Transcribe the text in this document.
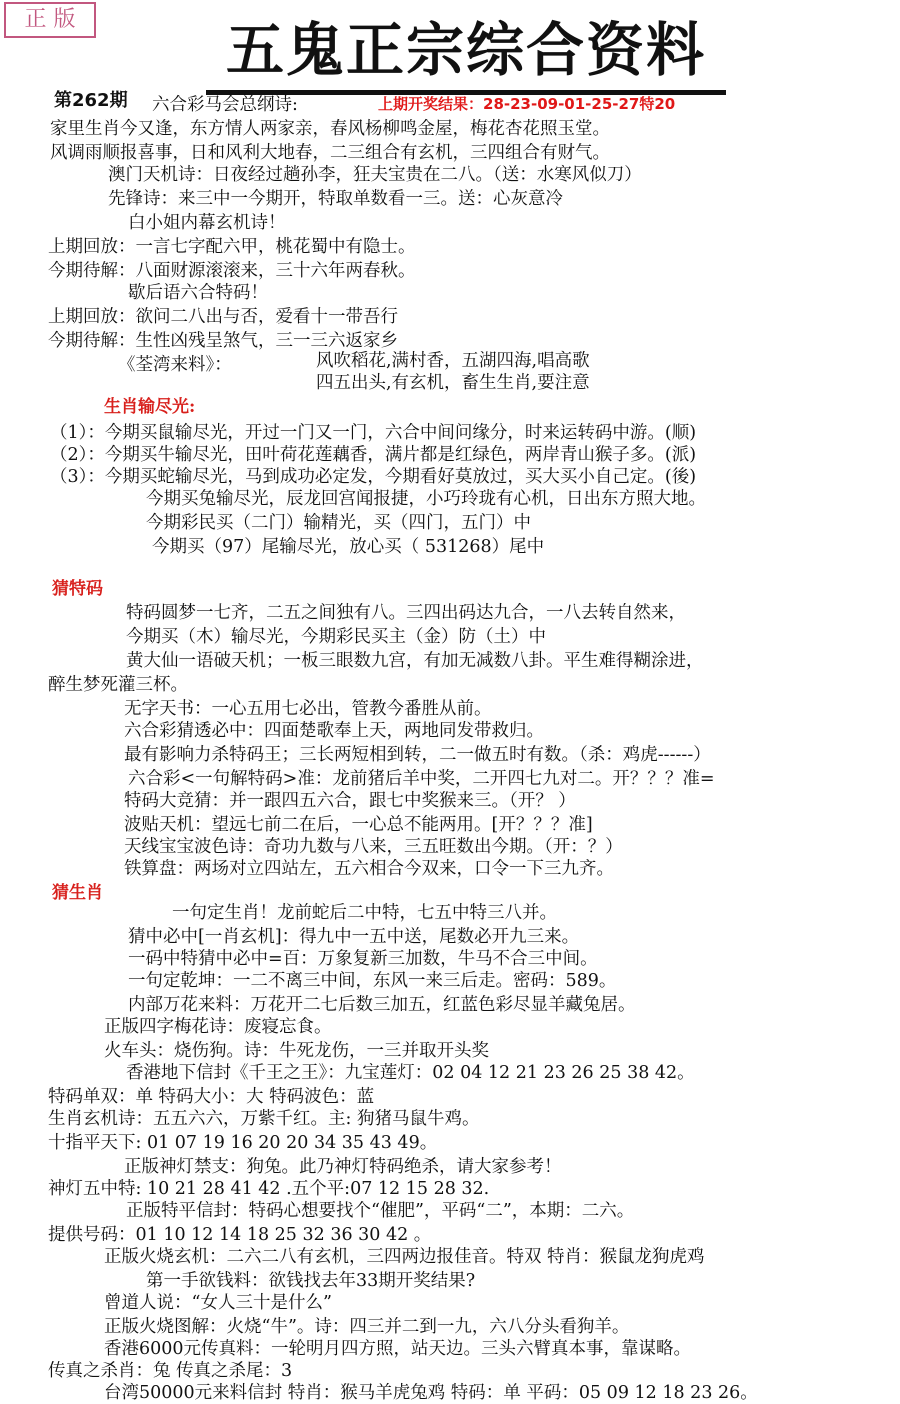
正 版	五鬼正宗综合资料
第262期	上期开奖结果：28-23-09-01-25-27特20
生肖输尽光:
猜特码
猜生肖
六合彩马会总纲诗:
家里生肖今又逢，东方情人两家亲，春风杨柳鸣金屋，梅花杏花照玉堂。
风调雨顺报喜事，日和风利大地春，二三组合有玄机，三四组合有财气。
澳门天机诗：日夜经过趟孙李，狂夫宝贵在二八。（送：水寒风似刀）
先锋诗：来三中一今期开，特取单数看一三。送：心灰意冷
白小姐内幕玄机诗！
上期回放：一言七字配六甲，桃花蜀中有隐士。
今期待解：八面财源滚滚来，三十六年两春秋。
歇后语六合特码！
上期回放：欲问二八出与否，爱看十一带吾行
今期待解：生性凶残呈煞气，三一三六返家乡
《荃湾来料》：	风吹稻花,满村香，五湖四海,唱高歌
四五出头,有玄机，畜生生肖,要注意
（1）：今期买鼠输尽光，开过一门又一门，六合中间问缘分，时来运转码中游。(顺)
（2）：今期买牛输尽光，田叶荷花莲藕香，满片都是红绿色，两岸青山猴子多。(派)
（3）：今期买蛇输尽光，马到成功必定发，今期看好莫放过，买大买小自己定。(後)
今期买兔输尽光，辰龙回宫闻报捷，小巧玲珑有心机，日出东方照大地。
今期彩民买（二门）输精光，买（四门，五门）中
今期买（97）尾输尽光，放心买（ 531268）尾中
特码圆梦一七齐，二五之间独有八。三四出码达九合，一八去转自然来，
今期买（木）输尽光，今期彩民买主（金）防（土）中
黄大仙一语破天机；一板三眼数九宫，有加无减数八卦。平生难得糊涂进，
醉生梦死灌三杯。
无字天书：一心五用七必出，管教今番胜从前。
六合彩猜透必中：四面楚歌奉上天，两地同发带救归。
最有影响力杀特码王；三长两短相到转，二一做五时有数。（杀：鸡虎------）
六合彩<一句解特码>准：龙前猪后羊中奖，二开四七九对二。开？？？准=
特码大竞猜：并一跟四五六合，跟七中奖猴来三。（开？ ）
波贴天机：望远七前二在后，一心总不能两用。[开？？？准]
天线宝宝波色诗：奇功九数与八来，三五旺数出今期。（开：？）
铁算盘：两场对立四站左，五六相合今双来，口令一下三九齐。
一句定生肖！龙前蛇后二中特，七五中特三八并。
猜中必中[一肖玄机]：得九中一五中送，尾数必开九三来。
一码中特猜中必中=百：万象复新三加数，牛马不合三中间。
一句定乾坤：一二不离三中间，东风一来三后走。密码：589。
内部万花来料：万花开二七后数三加五，红蓝色彩尽显羊藏兔居。
正版四字梅花诗：废寝忘食。
火车头：烧伤狗。诗：牛死龙伤，一三并取开头奖
香港地下信封《千王之王》：九宝莲灯：02 04 12 21 23 26 25 38 42。
特码单双：单 特码大小：大 特码波色：蓝
生肖玄机诗：五五六六，万紫千红。主: 狗猪马鼠牛鸡。
十指平天下: 01 07 19 16 20 20 34 35 43 49。
正版神灯禁支：狗兔。此乃神灯特码绝杀，请大家参考！
神灯五中特: 10 21 28 41 42 .五个平:07 12 15 28 32.
正版特平信封：特码心想要找个“催肥”，平码“二”，本期：二六。
提供号码：01 10 12 14 18 25 32 36 30 42 。
正版火烧玄机：二六二八有玄机，三四两边报佳音。特双 特肖：猴鼠龙狗虎鸡
第一手欲钱料：欲钱找去年33期开奖结果?
曾道人说：“女人三十是什么”
正版火烧图解：火烧“牛”。诗：四三并二到一九，六八分头看狗羊。
香港6000元传真料：一轮明月四方照，站天边。三头六臂真本事，靠谋略。
传真之杀肖：兔 传真之杀尾：3
台湾50000元来料信封 特肖：猴马羊虎兔鸡 特码：单 平码：05 09 12 18 23 26。
